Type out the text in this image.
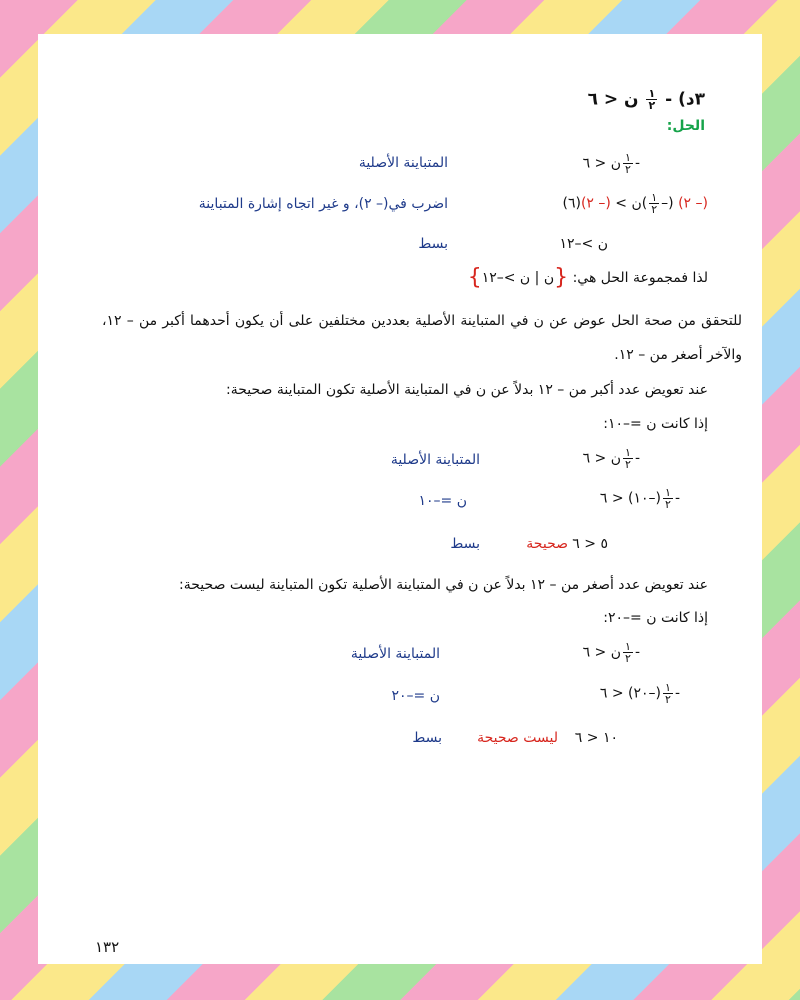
٣د) -
$\frac{١}{٢}$
ن < ٦
الحل:
-
$\frac{١}{٢}$
ن < ٦
المتباينة الأصلية
(– ٢) (–
$\frac{١}{٢}$
)ن > (– ٢)(٦)
اضرب في(– ٢)، و غير اتجاه إشارة المتباينة
ن >–١٢
بسط
لذا فمجموعة الحل هي: {ن | ن >–١٢}
للتحقق من صحة الحل عوض عن ن في المتباينة الأصلية بعددين مختلفين على أن يكون أحدهما أكبر من – ١٢، والآخر أصغر من – ١٢.
عند تعويض عدد أكبر من – ١٢ بدلاً عن ن في المتباينة الأصلية تكون المتباينة صحيحة:
إذا كانت ن =–١٠:
-
$\frac{١}{٢}$
ن < ٦
المتباينة الأصلية
-
$\frac{١}{٢}$
(–١٠) < ٦
ن =–١٠
٥ < ٦
صحيحة
بسط
عند تعويض عدد أصغر من – ١٢ بدلاً عن ن في المتباينة الأصلية تكون المتباينة ليست صحيحة:
إذا كانت ن =–٢٠:
-
$\frac{١}{٢}$
ن < ٦
المتباينة الأصلية
-
$\frac{١}{٢}$
(–٢٠) < ٦
ن =–٢٠
١٠ < ٦
ليست صحيحة
بسط
١٣٢
